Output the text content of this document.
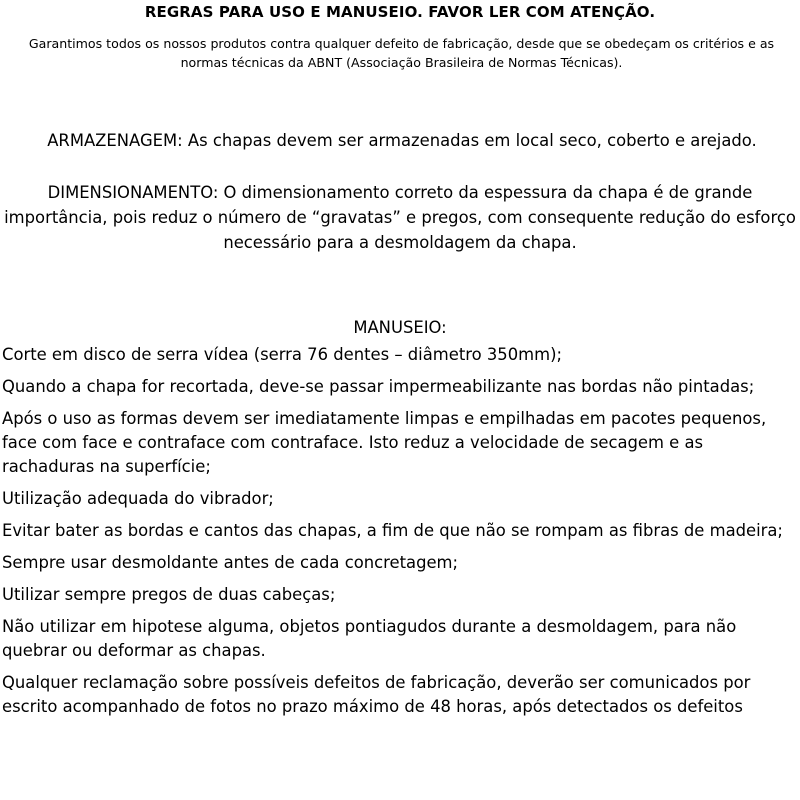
REGRAS PARA USO E MANUSEIO. FAVOR LER COM ATENÇÃO.
Garantimos todos os nossos produtos contra qualquer defeito de fabricação, desde que se obedeçam os critérios e as normas técnicas da ABNT (Associação Brasileira de Normas Técnicas).
ARMAZENAGEM: As chapas devem ser armazenadas em local seco, coberto e arejado.
DIMENSIONAMENTO: O dimensionamento correto da espessura da chapa é de grande importância, pois reduz o número de “gravatas” e pregos, com consequente redução do esforço necessário para a desmoldagem da chapa.
MANUSEIO:
Corte em disco de serra vídea (serra 76 dentes – diâmetro 350mm);
Quando a chapa for recortada, deve-se passar impermeabilizante nas bordas não pintadas;
Após o uso as formas devem ser imediatamente limpas e empilhadas em pacotes pequenos, face com face e contraface com contraface. Isto reduz a velocidade de secagem e as rachaduras na superfície;
Utilização adequada do vibrador;
Evitar bater as bordas e cantos das chapas, a fim de que não se rompam as fibras de madeira;
Sempre usar desmoldante antes de cada concretagem;
Utilizar sempre pregos de duas cabeças;
Não utilizar em hipotese alguma, objetos pontiagudos durante a desmoldagem, para não quebrar ou deformar as chapas.
Qualquer reclamação sobre possíveis defeitos de fabricação, deverão ser comunicados por escrito acompanhado de fotos no prazo máximo de 48 horas, após detectados os defeitos
